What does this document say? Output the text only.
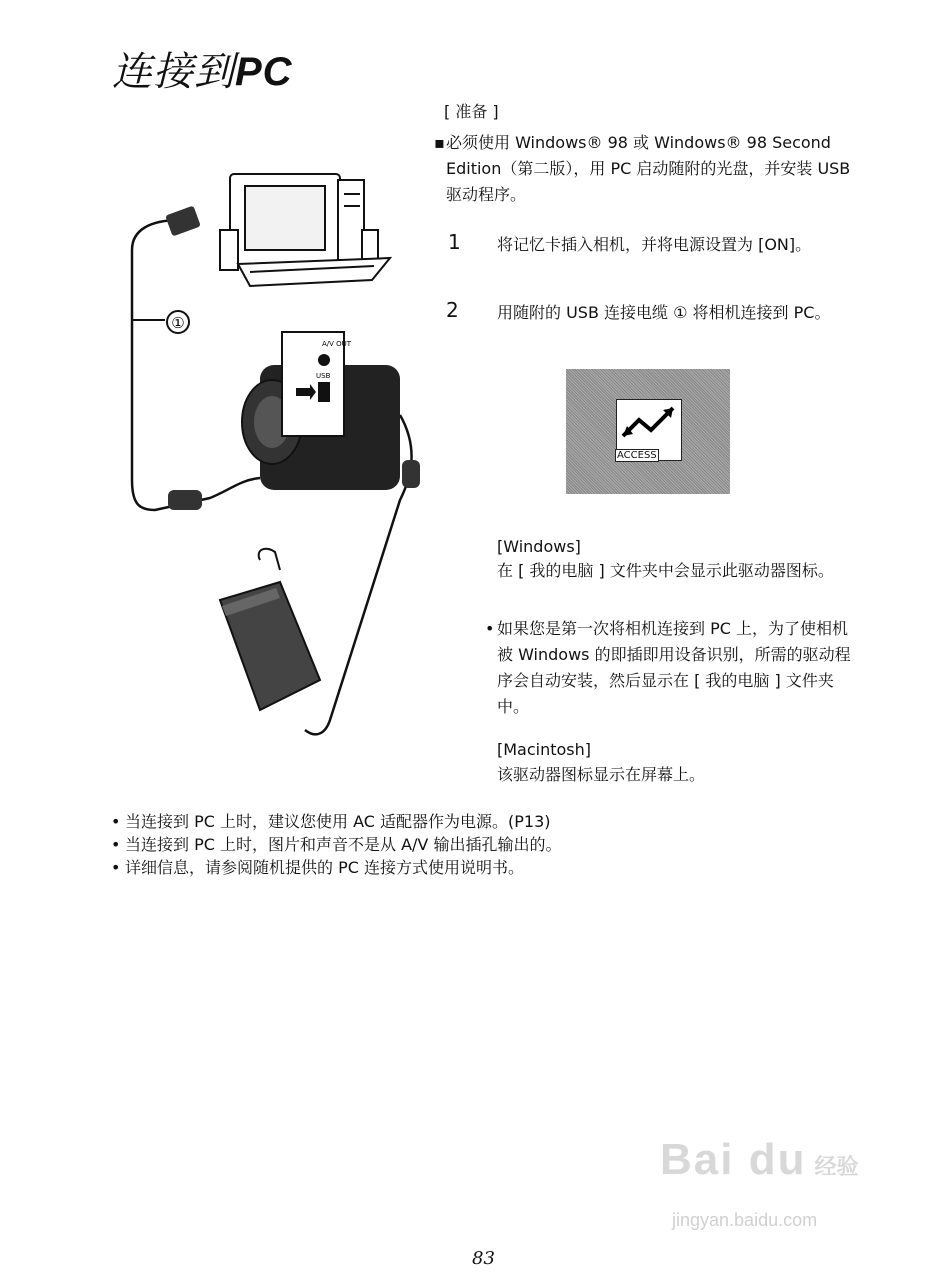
连接到PC
[ 准备 ]
▪ 必须使用 Windows® 98 或 Windows® 98 Second Edition（第二版），用 PC 启动随附的光盘，并安装 USB 驱动程序。
1 将记忆卡插入相机，并将电源设置为 [ON]。
2 用随附的 USB 连接电缆 ① 将相机连接到 PC。
ACCESS
[Windows]
在 [ 我的电脑 ] 文件夹中会显示此驱动器图标。
• 如果您是第一次将相机连接到 PC 上，为了使相机被 Windows 的即插即用设备识别，所需的驱动程序会自动安装，然后显示在 [ 我的电脑 ] 文件夹中。
[Macintosh]
该驱动器图标显示在屏幕上。
• 当连接到 PC 上时，建议您使用 AC 适配器作为电源。(P13)
• 当连接到 PC 上时，图片和声音不是从 A/V 输出插孔输出的。
• 详细信息，请参阅随机提供的 PC 连接方式使用说明书。
①
A/V OUT
USB
Bai du 经验
jingyan.baidu.com
83
